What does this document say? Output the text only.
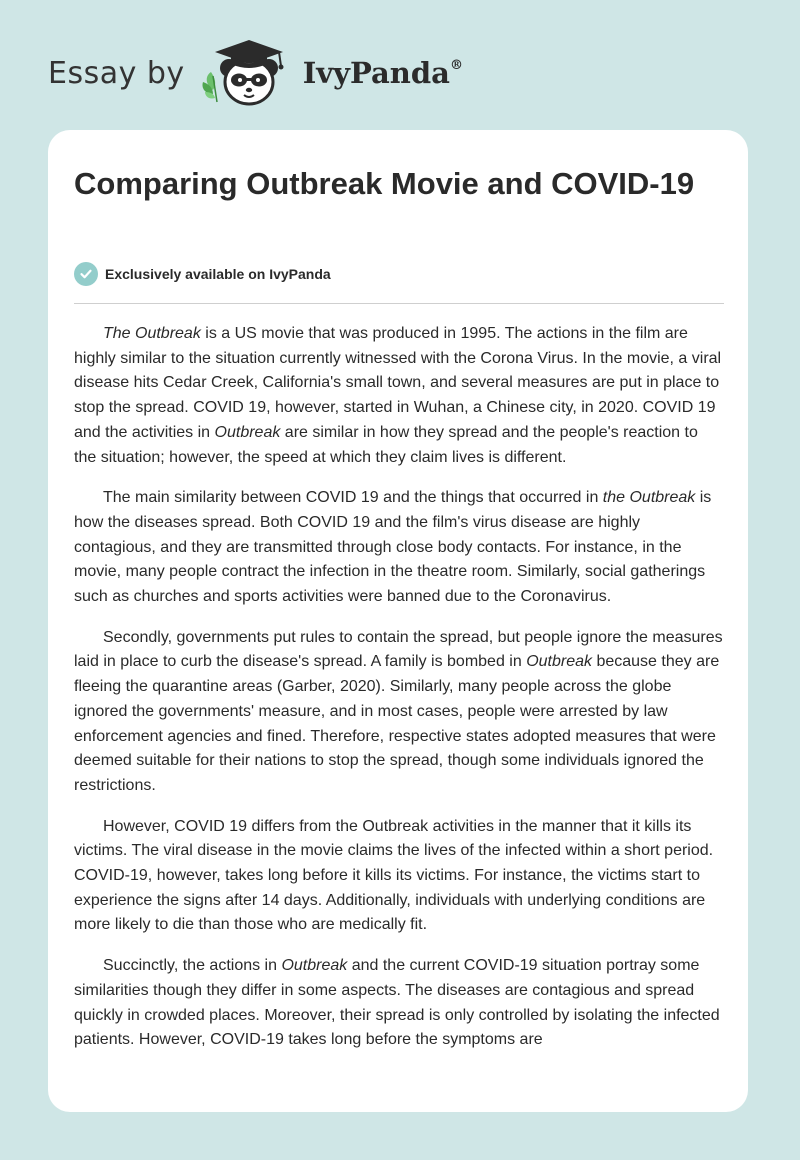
Essay by	IvyPanda®
Comparing Outbreak Movie and COVID-19
Exclusively available on IvyPanda

The Outbreak is a US movie that was produced in 1995. The actions in the film are highly similar to the situation currently witnessed with the Corona Virus. In the movie, a viral disease hits Cedar Creek, California's small town, and several measures are put in place to stop the spread. COVID 19, however, started in Wuhan, a Chinese city, in 2020. COVID 19 and the activities in Outbreak are similar in how they spread and the people's reaction to the situation; however, the speed at which they claim lives is different.

The main similarity between COVID 19 and the things that occurred in the Outbreak is how the diseases spread. Both COVID 19 and the film's virus disease are highly contagious, and they are transmitted through close body contacts. For instance, in the movie, many people contract the infection in the theatre room. Similarly, social gatherings such as churches and sports activities were banned due to the Coronavirus.

Secondly, governments put rules to contain the spread, but people ignore the measures laid in place to curb the disease's spread. A family is bombed in Outbreak because they are fleeing the quarantine areas (Garber, 2020). Similarly, many people across the globe ignored the governments' measure, and in most cases, people were arrested by law enforcement agencies and fined. Therefore, respective states adopted measures that were deemed suitable for their nations to stop the spread, though some individuals ignored the restrictions.

However, COVID 19 differs from the Outbreak activities in the manner that it kills its victims. The viral disease in the movie claims the lives of the infected within a short period. COVID-19, however, takes long before it kills its victims. For instance, the victims start to experience the signs after 14 days. Additionally, individuals with underlying conditions are more likely to die than those who are medically fit.

Succinctly, the actions in Outbreak and the current COVID-19 situation portray some similarities though they differ in some aspects. The diseases are contagious and spread quickly in crowded places. Moreover, their spread is only controlled by isolating the infected patients. However, COVID-19 takes long before the symptoms are
